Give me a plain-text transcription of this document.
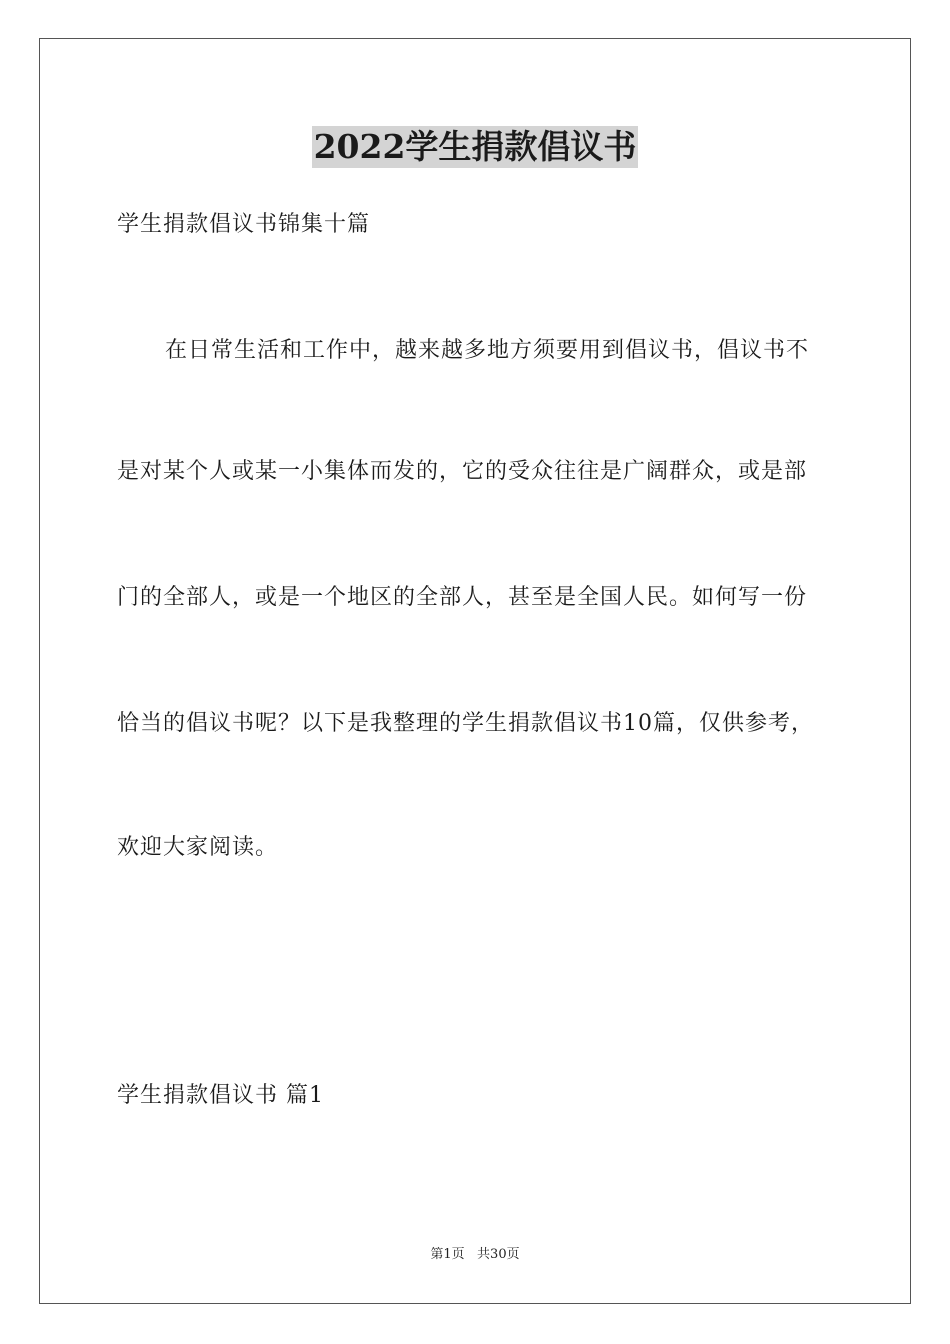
2022学生捐款倡议书
学生捐款倡议书锦集十篇
在日常生活和工作中，越来越多地方须要用到倡议书，倡议书不
是对某个人或某一小集体而发的，它的受众往往是广阔群众，或是部
门的全部人，或是一个地区的全部人，甚至是全国人民。如何写一份
恰当的倡议书呢？以下是我整理的学生捐款倡议书10篇，仅供参考，
欢迎大家阅读。
学生捐款倡议书 篇1
第1页   共30页
